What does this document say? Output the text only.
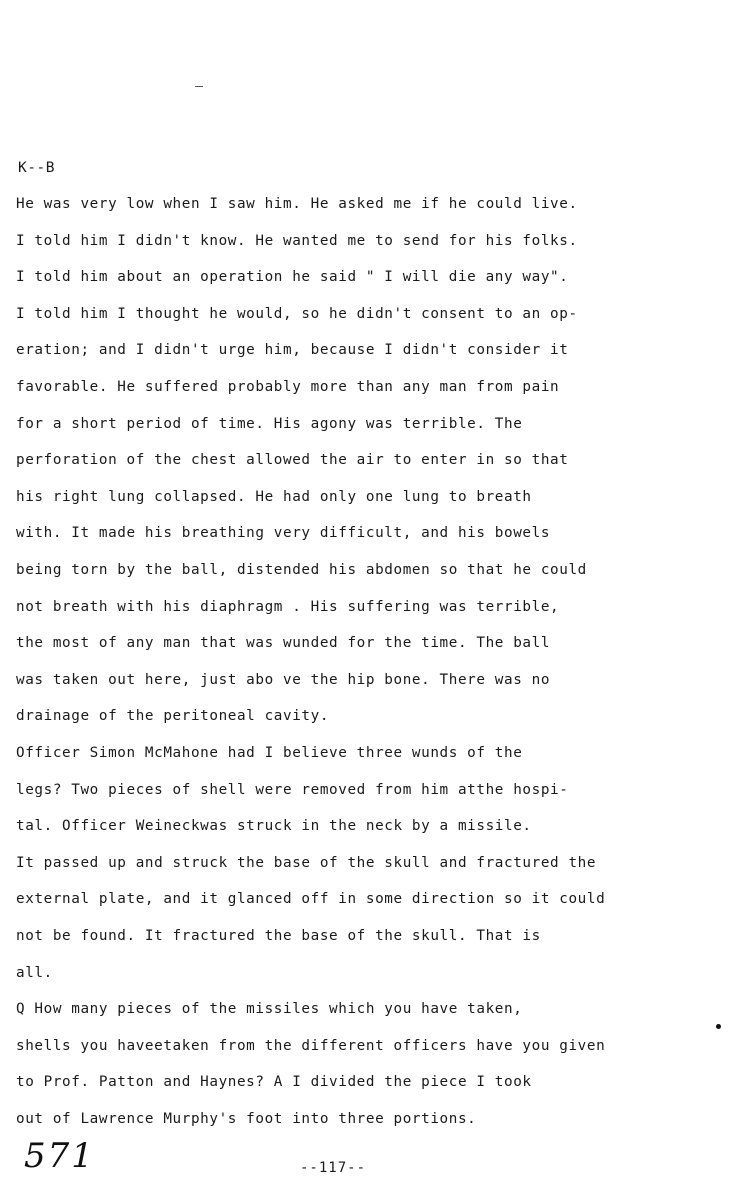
K--B
He was very low when I saw him. He asked me if he could live.
I told him I didn't know. He wanted me to send for his folks.
I told him about an operation he said " I will die any way".
I told him I thought he would, so he didn't consent to an op-
eration; and I didn't urge him, because I didn't consider it
favorable. He suffered probably more than any man from pain
for a short period of time. His agony was terrible. The
perforation of the chest allowed the air to enter in so that
his right lung collapsed. He had only one lung to breath
with. It made his breathing very difficult, and his bowels
being torn by the ball, distended his abdomen so that he could
not breath with his diaphragm . His suffering was terrible,
the most of any man that was wunded for the time. The ball
was taken out here, just abo ve the hip bone. There was no
drainage of the peritoneal cavity.
Officer Simon McMahone had I believe three wunds of the
legs? Two pieces of shell were removed from him atthe hospi-
tal. Officer Weineckwas struck in the neck by a missile.
It passed up and struck the base of the skull and fractured the
external plate, and it glanced off in some direction so it could
not be found. It fractured the base of the skull. That is
all.
Q How many pieces of the missiles which you have taken,
shells you haveetaken from the different officers have you given
to Prof. Patton and Haynes? A I divided the piece I took
out of Lawrence Murphy's foot into three portions.
571	--117--
